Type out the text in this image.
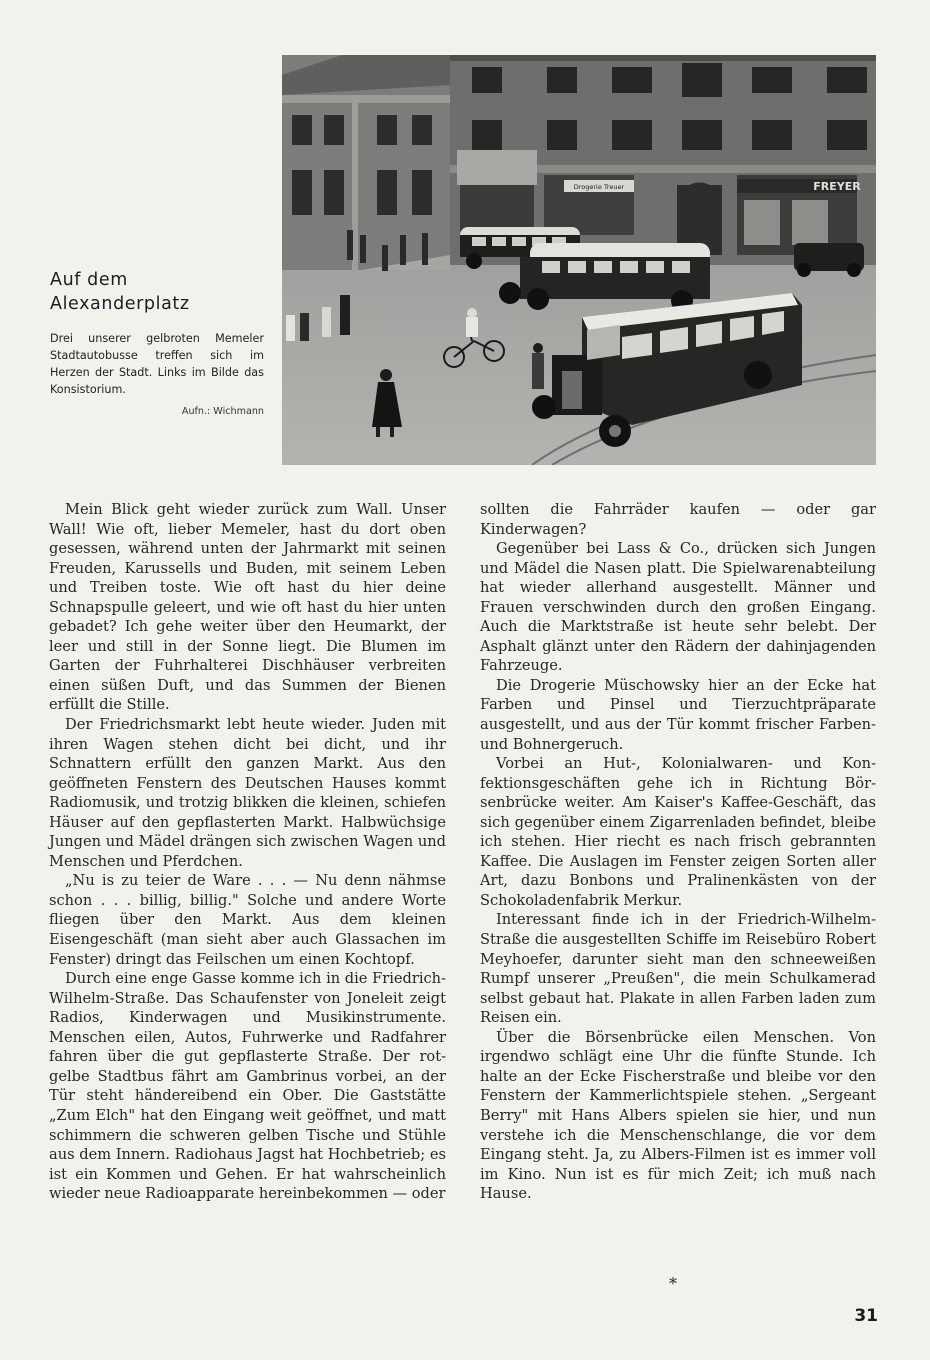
Auf dem Alexanderplatz

Drei unserer gelbroten Memeler Stadtautobusse treffen sich im Herzen der Stadt. Links im Bilde das Konsistorium.

Aufn.: Wichmann

Drogerie Treuer	FREYER

Mein Blick geht wieder zurück zum Wall. Unser Wall! Wie oft, lieber Memeler, hast du dort oben gesessen, während unten der Jahrmarkt mit seinen Freuden, Karussells und Buden, mit seinem Leben und Treiben toste. Wie oft hast du hier deine Schnapspulle geleert, und wie oft hast du hier unten gebadet? Ich gehe weiter über den Heumarkt, der leer und still in der Sonne liegt. Die Blumen im Garten der Fuhrhalterei Dischhäuser verbreiten einen süßen Duft, und das Summen der Bienen erfüllt die Stille.

Der Friedrichsmarkt lebt heute wieder. Juden mit ihren Wagen stehen dicht bei dicht, und ihr Schnattern erfüllt den ganzen Markt. Aus den geöffneten Fenstern des Deutschen Hauses kommt Radiomusik, und trotzig blikken die kleinen, schiefen Häuser auf den gepflasterten Markt. Halbwüchsige Jungen und Mädel drängen sich zwischen Wagen und Menschen und Pferdchen.

„Nu is zu teier de Ware . . . — Nu denn nähmse schon . . . billig, billig." Solche und andere Worte fliegen über den Markt. Aus dem kleinen Eisengeschäft (man sieht aber auch Glassachen im Fenster) dringt das Feilschen um einen Kochtopf.

Durch eine enge Gasse komme ich in die Friedrich-Wilhelm-Straße. Das Schaufenster von Joneleit zeigt Radios, Kinderwagen und Musikinstrumente. Menschen eilen, Autos, Fuhrwerke und Radfahrer fahren über die gut gepflasterte Straße. Der rot-gelbe Stadtbus fährt am Gambrinus vorbei, an der Tür steht händereibend ein Ober. Die Gaststätte „Zum Elch" hat den Eingang weit geöffnet, und matt schimmern die schweren gelben Tische und Stühle aus dem Innern. Radiohaus Jagst hat Hochbetrieb; es ist ein Kommen und Gehen. Er hat wahrscheinlich wieder neue Radioapparate hereinbekommen — oder

sollten die Fahrräder kaufen — oder gar Kinderwagen?

Gegenüber bei Lass & Co., drücken sich Jungen und Mädel die Nasen platt. Die Spielwarenabteilung hat wieder allerhand ausgestellt. Männer und Frauen verschwinden durch den großen Eingang. Auch die Marktstraße ist heute sehr belebt. Der Asphalt glänzt unter den Rädern der dahinjagenden Fahrzeuge.

Die Drogerie Müschowsky hier an der Ecke hat Farben und Pinsel und Tierzuchtpräparate ausgestellt, und aus der Tür kommt frischer Farben- und Bohnergeruch.

Vorbei an Hut-, Kolonialwaren- und Konfektionsgeschäften gehe ich in Richtung Börsenbrücke weiter. Am Kaiser's Kaffee-Geschäft, das sich gegenüber einem Zigarrenladen befindet, bleibe ich stehen. Hier riecht es nach frisch gebrannten Kaffee. Die Auslagen im Fenster zeigen Sorten aller Art, dazu Bonbons und Pralinenkästen von der Schokoladenfabrik Merkur.

Interessant finde ich in der Friedrich-Wilhelm-Straße die ausgestellten Schiffe im Reisebüro Robert Meyhoefer, darunter sieht man den schneeweißen Rumpf unserer „Preußen", die mein Schulkamerad selbst gebaut hat. Plakate in allen Farben laden zum Reisen ein.

Über die Börsenbrücke eilen Menschen. Von irgendwo schlägt eine Uhr die fünfte Stunde. Ich halte an der Ecke Fischerstraße und bleibe vor den Fenstern der Kammerlichtspiele stehen. „Sergeant Berry" mit Hans Albers spielen sie hier, und nun verstehe ich die Menschenschlange, die vor dem Eingang steht. Ja, zu Albers-Filmen ist es immer voll im Kino. Nun ist es für mich Zeit; ich muß nach Hause.

*

31
